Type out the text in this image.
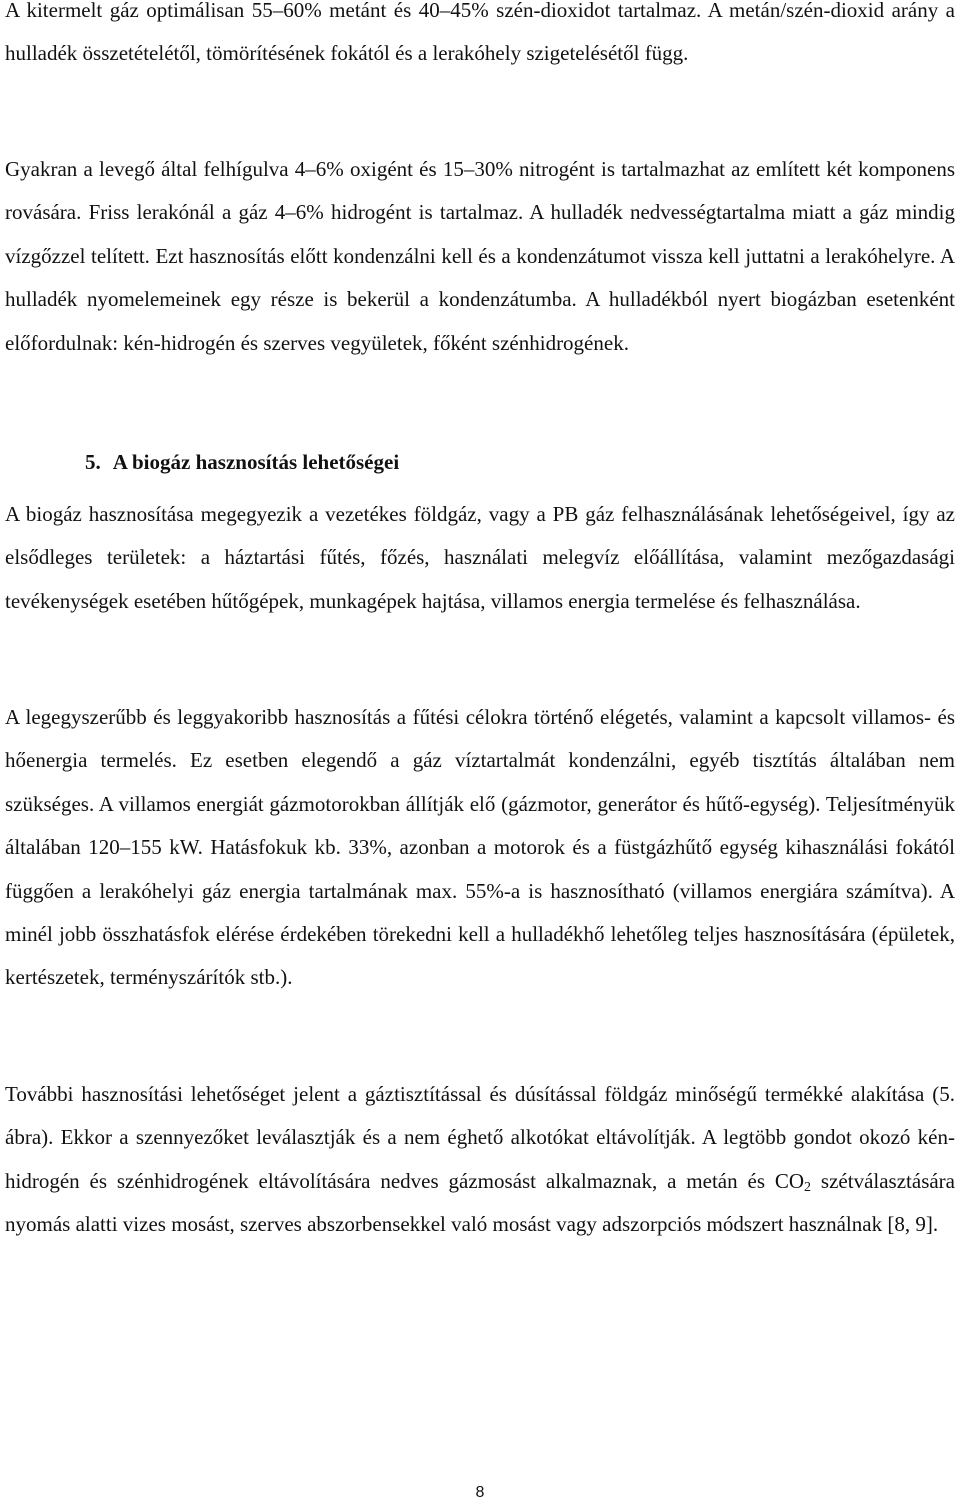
A kitermelt gáz optimálisan 55–60% metánt és 40–45% szén-dioxidot tartalmaz. A metán/szén-dioxid arány a hulladék összetételétől, tömörítésének fokától és a lerakóhely szigetelésétől függ.

Gyakran a levegő által felhígulva 4–6% oxigént és 15–30% nitrogént is tartalmazhat az említett két komponens rovására. Friss lerakónál a gáz 4–6% hidrogént is tartalmaz. A hulladék nedvességtartalma miatt a gáz mindig vízgőzzel telített. Ezt hasznosítás előtt kondenzálni kell és a kondenzátumot vissza kell juttatni a lerakóhelyre. A hulladék nyomelemeinek egy része is bekerül a kondenzátumba. A hulladékból nyert biogázban esetenként előfordulnak: kén-hidrogén és szerves vegyületek, főként szénhidrogének.

5. A biogáz hasznosítás lehetőségei

A biogáz hasznosítása megegyezik a vezetékes földgáz, vagy a PB gáz felhasználásának lehetőségeivel, így az elsődleges területek: a háztartási fűtés, főzés, használati melegvíz előállítása, valamint mezőgazdasági tevékenységek esetében hűtőgépek, munkagépek hajtása, villamos energia termelése és felhasználása.

A legegyszerűbb és leggyakoribb hasznosítás a fűtési célokra történő elégetés, valamint a kapcsolt villamos- és hőenergia termelés. Ez esetben elegendő a gáz víztartalmát kondenzálni, egyéb tisztítás általában nem szükséges. A villamos energiát gázmotorokban állítják elő (gázmotor, generátor és hűtő-egység). Teljesítményük általában 120–155 kW. Hatásfokuk kb. 33%, azonban a motorok és a füstgázhűtő egység kihasználási fokától függően a lerakóhelyi gáz energia tartalmának max. 55%-a is hasznosítható (villamos energiára számítva). A minél jobb összhatásfok elérése érdekében törekedni kell a hulladékhő lehetőleg teljes hasznosítására (épületek, kertészetek, terményszárítók stb.).

További hasznosítási lehetőséget jelent a gáztisztítással és dúsítással földgáz minőségű termékké alakítása (5. ábra). Ekkor a szennyezőket leválasztják és a nem éghető alkotókat eltávolítják. A legtöbb gondot okozó kén-hidrogén és szénhidrogének eltávolítására nedves gázmosást alkalmaznak, a metán és $CO_2$ szétválasztására nyomás alatti vizes mosást, szerves abszorbensekkel való mosást vagy adszorpciós módszert használnak [8, 9].

8
